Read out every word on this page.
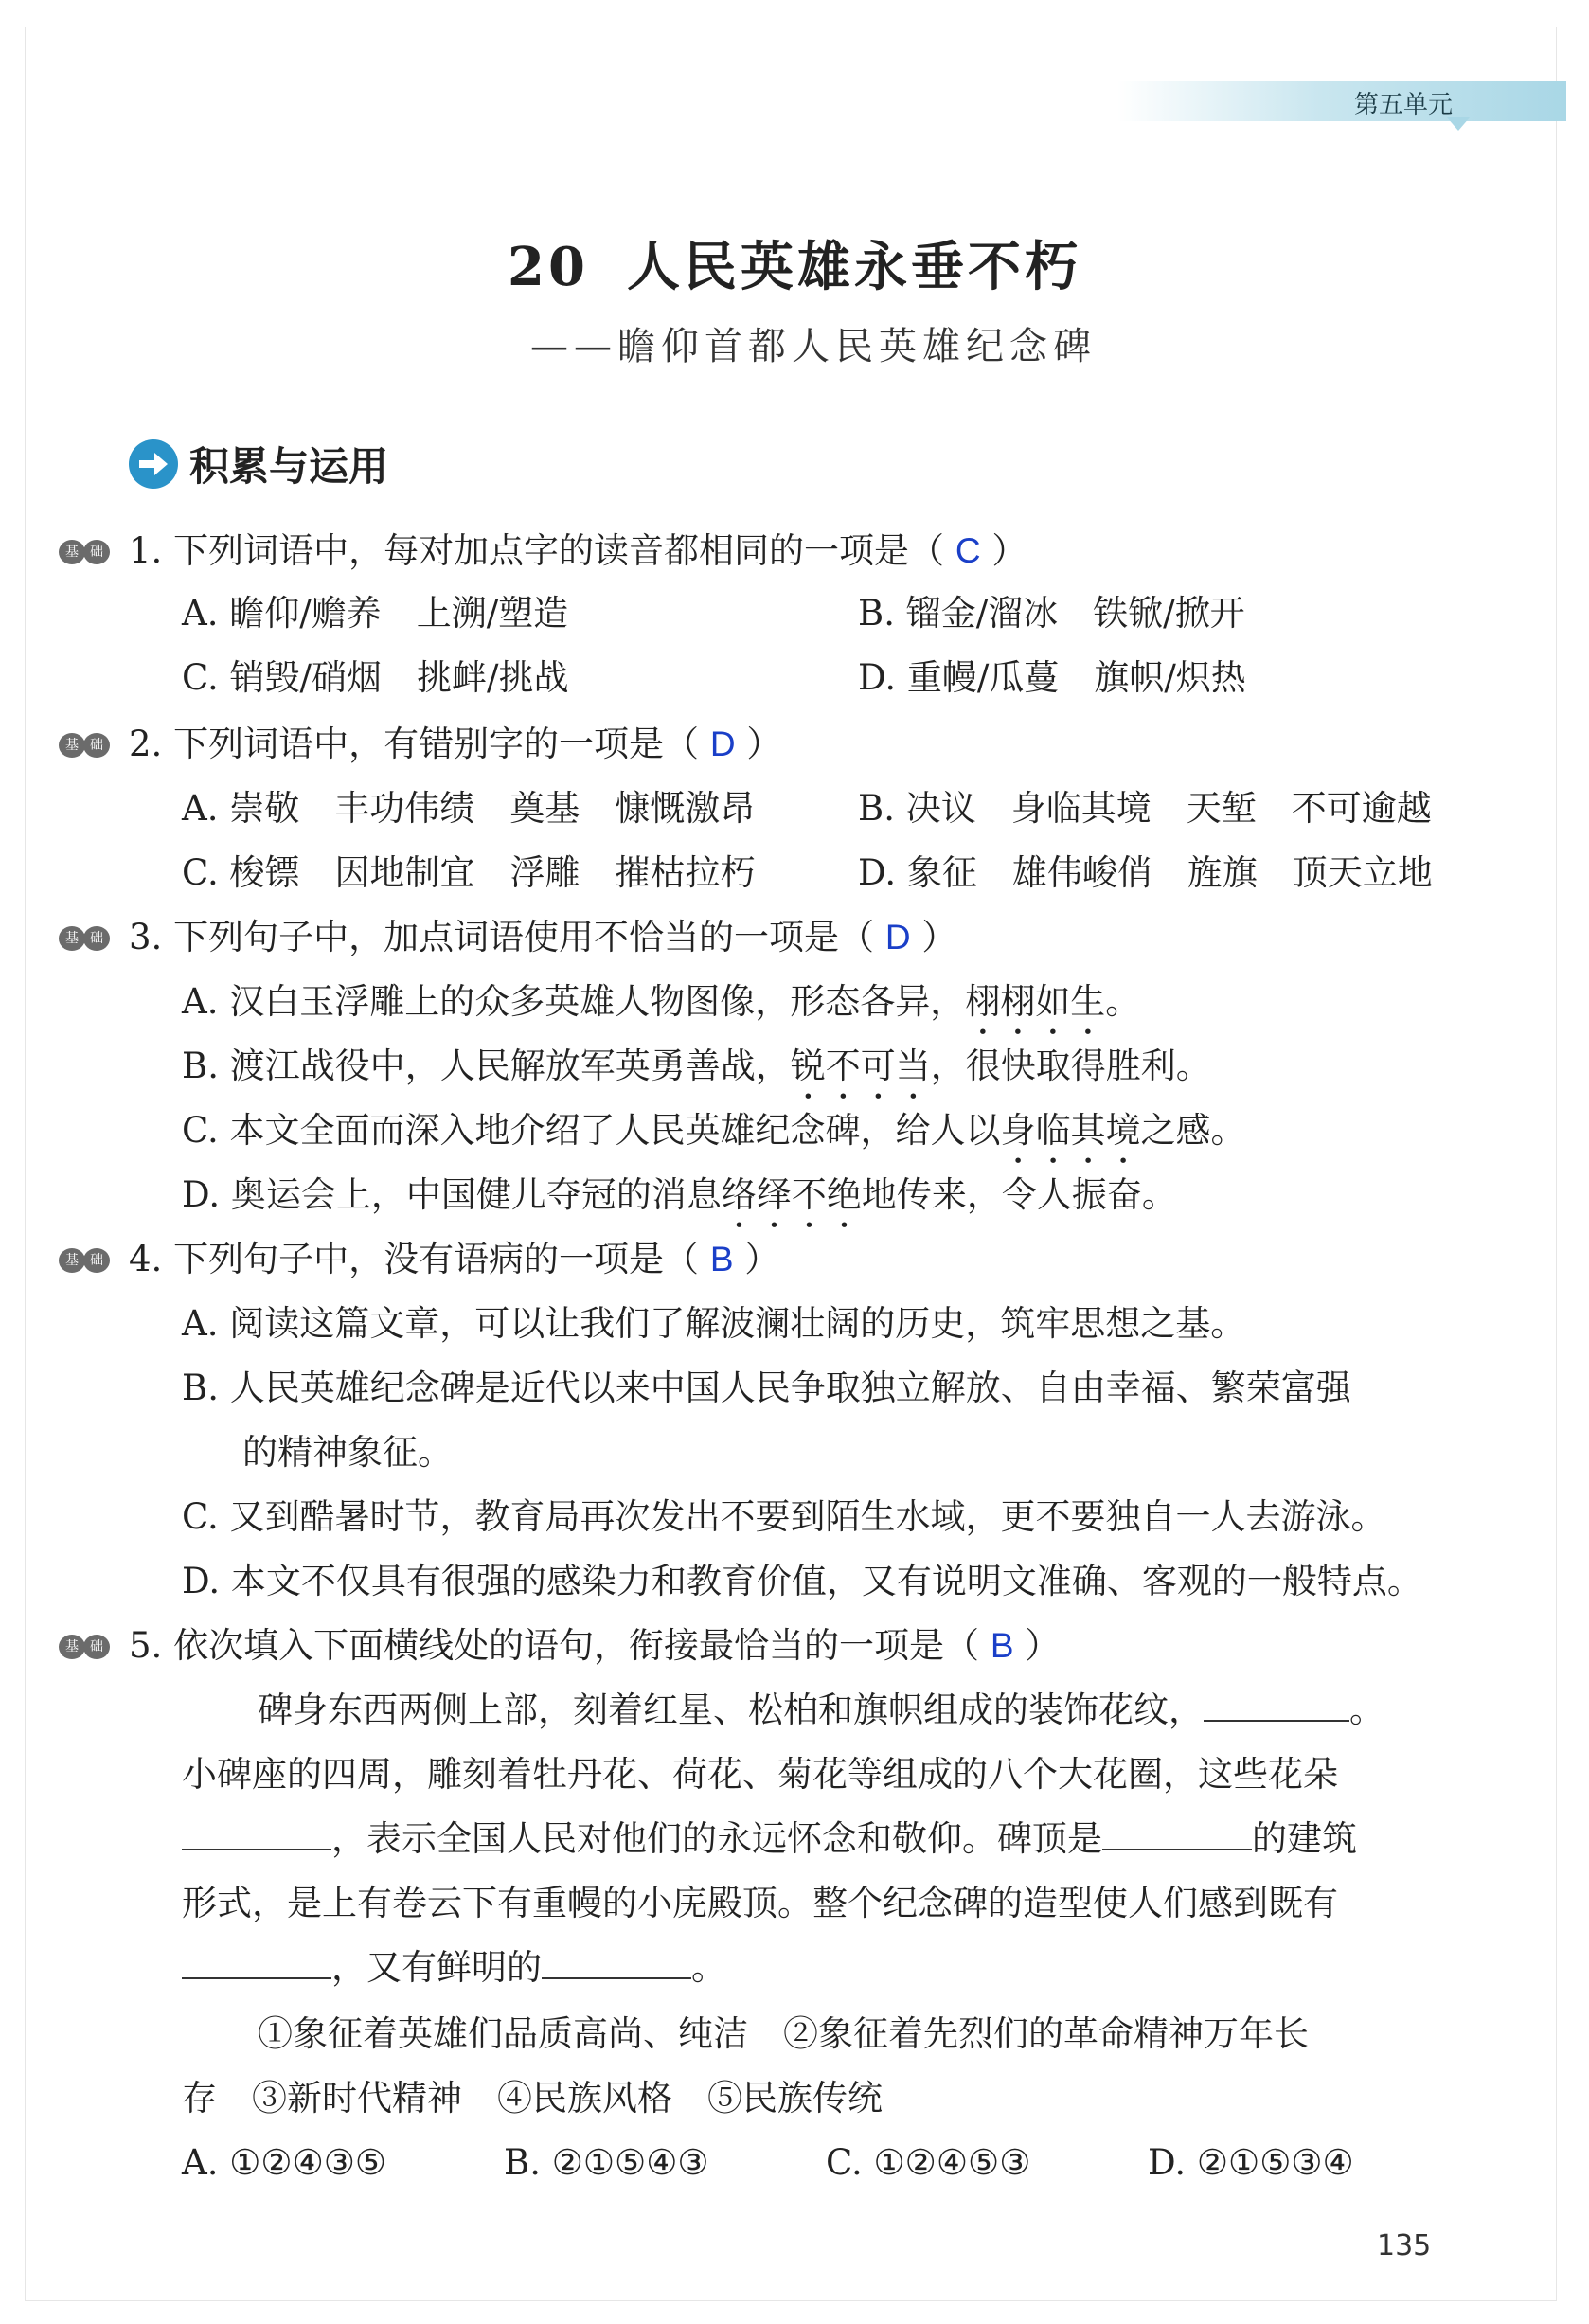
第五单元
20 人民英雄永垂不朽
——瞻仰首都人民英雄纪念碑
积累与运用
基 础 1. 下列词语中，每对加点字的读音都相同的一项是（ C ）
A. 瞻仰/赡养　上溯/塑造	B. 镏金/溜冰　铁锨/掀开
C. 销毁/硝烟　挑衅/挑战	D. 重幔/瓜蔓　旗帜/炽热
基 础 2. 下列词语中，有错别字的一项是（ D ）
A. 崇敬　丰功伟绩　奠基　慷慨激昂	B. 决议　身临其境　天堑　不可逾越
C. 梭镖　因地制宜　浮雕　摧枯拉朽	D. 象征　雄伟峻俏　旌旗　顶天立地
基 础 3. 下列句子中，加点词语使用不恰当的一项是（ D ）
A. 汉白玉浮雕上的众多英雄人物图像，形态各异，栩栩如生。
B. 渡江战役中，人民解放军英勇善战，锐不可当，很快取得胜利。
C. 本文全面而深入地介绍了人民英雄纪念碑，给人以身临其境之感。
D. 奥运会上，中国健儿夺冠的消息络绎不绝地传来，令人振奋。
基 础 4. 下列句子中，没有语病的一项是（ B ）
A. 阅读这篇文章，可以让我们了解波澜壮阔的历史，筑牢思想之基。
B. 人民英雄纪念碑是近代以来中国人民争取独立解放、自由幸福、繁荣富强
的精神象征。
C. 又到酷暑时节，教育局再次发出不要到陌生水域，更不要独自一人去游泳。
D. 本文不仅具有很强的感染力和教育价值，又有说明文准确、客观的一般特点。
基 础 5. 依次填入下面横线处的语句，衔接最恰当的一项是（ B ）
碑身东西两侧上部，刻着红星、松柏和旗帜组成的装饰花纹，	。
小碑座的四周，雕刻着牡丹花、荷花、菊花等组成的八个大花圈，这些花朵
，表示全国人民对他们的永远怀念和敬仰。碑顶是	的建筑
形式，是上有卷云下有重幔的小庑殿顶。整个纪念碑的造型使人们感到既有
，又有鲜明的	。
①象征着英雄们品质高尚、纯洁　②象征着先烈们的革命精神万年长
存　③新时代精神　④民族风格　⑤民族传统
A. ①②④③⑤	B. ②①⑤④③	C. ①②④⑤③	D. ②①⑤③④
135
